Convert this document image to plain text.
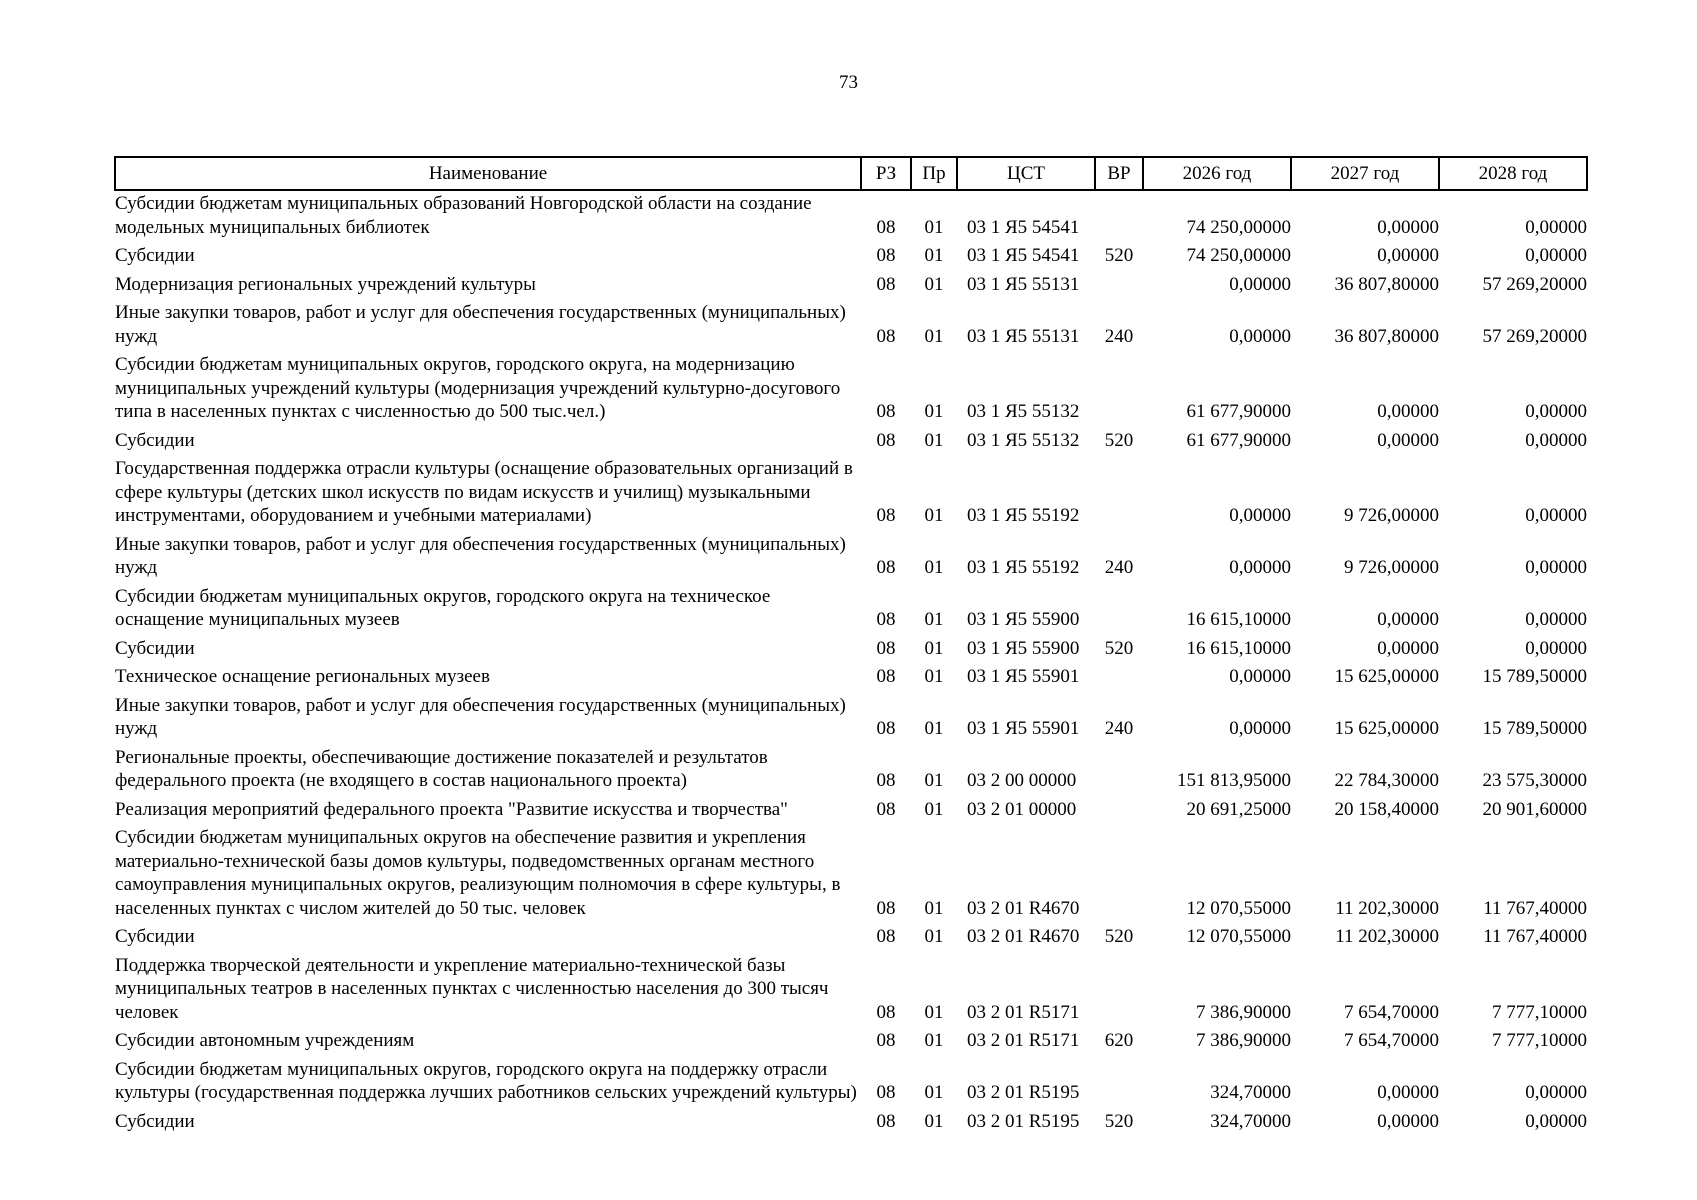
73
Наименование	РЗ	Пр	ЦСТ	ВР	2026 год	2027 год	2028 год
Субсидии бюджетам муниципальных образований Новгородской области на создание модельных муниципальных библиотек	08	01	03 1 Я5 54541		74 250,00000	0,00000	0,00000
Субсидии	08	01	03 1 Я5 54541	520	74 250,00000	0,00000	0,00000
Модернизация региональных учреждений культуры	08	01	03 1 Я5 55131		0,00000	36 807,80000	57 269,20000
Иные закупки товаров, работ и услуг для обеспечения государственных (муниципальных) нужд	08	01	03 1 Я5 55131	240	0,00000	36 807,80000	57 269,20000
Субсидии бюджетам муниципальных округов, городского округа, на модернизацию муниципальных учреждений культуры (модернизация учреждений культурно-досугового типа в населенных пунктах с численностью до 500 тыс.чел.)	08	01	03 1 Я5 55132		61 677,90000	0,00000	0,00000
Субсидии	08	01	03 1 Я5 55132	520	61 677,90000	0,00000	0,00000
Государственная поддержка отрасли культуры (оснащение образовательных организаций в сфере культуры (детских школ искусств по видам искусств и училищ) музыкальными инструментами, оборудованием и учебными материалами)	08	01	03 1 Я5 55192		0,00000	9 726,00000	0,00000
Иные закупки товаров, работ и услуг для обеспечения государственных (муниципальных) нужд	08	01	03 1 Я5 55192	240	0,00000	9 726,00000	0,00000
Субсидии бюджетам муниципальных округов, городского округа на техническое оснащение муниципальных музеев	08	01	03 1 Я5 55900		16 615,10000	0,00000	0,00000
Субсидии	08	01	03 1 Я5 55900	520	16 615,10000	0,00000	0,00000
Техническое оснащение региональных музеев	08	01	03 1 Я5 55901		0,00000	15 625,00000	15 789,50000
Иные закупки товаров, работ и услуг для обеспечения государственных (муниципальных) нужд	08	01	03 1 Я5 55901	240	0,00000	15 625,00000	15 789,50000
Региональные проекты, обеспечивающие достижение показателей и результатов федерального проекта (не входящего в состав национального проекта)	08	01	03 2 00 00000		151 813,95000	22 784,30000	23 575,30000
Реализация мероприятий федерального проекта "Развитие искусства и творчества"	08	01	03 2 01 00000		20 691,25000	20 158,40000	20 901,60000
Субсидии бюджетам муниципальных округов на обеспечение развития и укрепления материально-технической базы домов культуры, подведомственных органам местного самоуправления муниципальных округов, реализующим полномочия в сфере культуры, в населенных пунктах с числом жителей до 50 тыс. человек	08	01	03 2 01 R4670		12 070,55000	11 202,30000	11 767,40000
Субсидии	08	01	03 2 01 R4670	520	12 070,55000	11 202,30000	11 767,40000
Поддержка творческой деятельности и укрепление материально-технической базы муниципальных театров в населенных пунктах с численностью населения до 300 тысяч человек	08	01	03 2 01 R5171		7 386,90000	7 654,70000	7 777,10000
Субсидии автономным учреждениям	08	01	03 2 01 R5171	620	7 386,90000	7 654,70000	7 777,10000
Субсидии бюджетам муниципальных округов, городского округа на поддержку отрасли культуры (государственная поддержка лучших работников сельских учреждений культуры)	08	01	03 2 01 R5195		324,70000	0,00000	0,00000
Субсидии	08	01	03 2 01 R5195	520	324,70000	0,00000	0,00000
